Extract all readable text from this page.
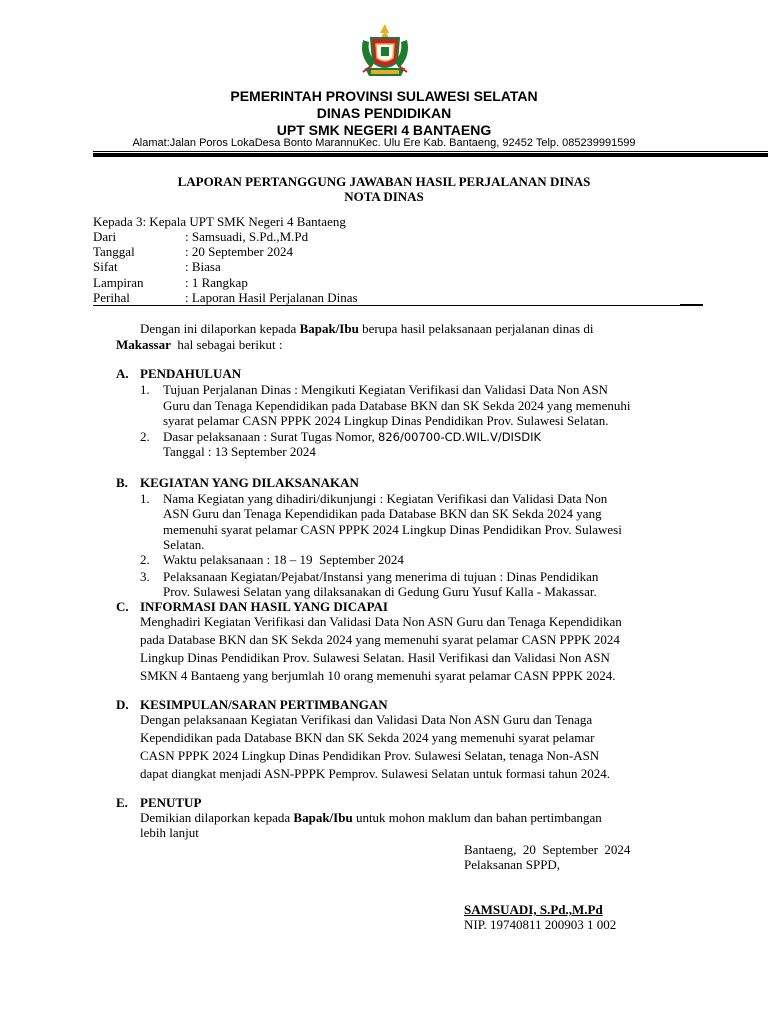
PEMERINTAH PROVINSI SULAWESI SELATAN
DINAS PENDIDIKAN
UPT SMK NEGERI 4 BANTAENG
Alamat:Jalan Poros LokaDesa Bonto MarannuKec. Ulu Ere Kab. Bantaeng, 92452 Telp. 085239991599
LAPORAN PERTANGGUNG JAWABAN HASIL PERJALANAN DINAS
NOTA DINAS
Kepada 3: Kepala UPT SMK Negeri 4 Bantaeng
Dari	: Samsuadi, S.Pd.,M.Pd
Tanggal	: 20 September 2024
Sifat	: Biasa
Lampiran	: 1 Rangkap
Perihal	: Laporan Hasil Perjalanan Dinas
Dengan ini dilaporkan kepada Bapak/Ibu berupa hasil pelaksanaan perjalanan dinas di
Makassar  hal sebagai berikut :
A. PENDAHULUAN
1. Tujuan Perjalanan Dinas : Mengikuti Kegiatan Verifikasi dan Validasi Data Non ASN
Guru dan Tenaga Kependidikan pada Database BKN dan SK Sekda 2024 yang memenuhi
syarat pelamar CASN PPPK 2024 Lingkup Dinas Pendidikan Prov. Sulawesi Selatan.
2. Dasar pelaksanaan : Surat Tugas Nomor, 826/00700-CD.WIL.V/DISDIK
Tanggal : 13 September 2024
B. KEGIATAN YANG DILAKSANAKAN
1. Nama Kegiatan yang dihadiri/dikunjungi : Kegiatan Verifikasi dan Validasi Data Non
ASN Guru dan Tenaga Kependidikan pada Database BKN dan SK Sekda 2024 yang
memenuhi syarat pelamar CASN PPPK 2024 Lingkup Dinas Pendidikan Prov. Sulawesi
Selatan.
2. Waktu pelaksanaan : 18 – 19  September 2024
3. Pelaksanaan Kegiatan/Pejabat/Instansi yang menerima di tujuan : Dinas Pendidikan
Prov. Sulawesi Selatan yang dilaksanakan di Gedung Guru Yusuf Kalla - Makassar.
C. INFORMASI DAN HASIL YANG DICAPAI
Menghadiri Kegiatan Verifikasi dan Validasi Data Non ASN Guru dan Tenaga Kependidikan
pada Database BKN dan SK Sekda 2024 yang memenuhi syarat pelamar CASN PPPK 2024
Lingkup Dinas Pendidikan Prov. Sulawesi Selatan. Hasil Verifikasi dan Validasi Non ASN
SMKN 4 Bantaeng yang berjumlah 10 orang memenuhi syarat pelamar CASN PPPK 2024.
D. KESIMPULAN/SARAN PERTIMBANGAN
Dengan pelaksanaan Kegiatan Verifikasi dan Validasi Data Non ASN Guru dan Tenaga
Kependidikan pada Database BKN dan SK Sekda 2024 yang memenuhi syarat pelamar
CASN PPPK 2024 Lingkup Dinas Pendidikan Prov. Sulawesi Selatan, tenaga Non-ASN
dapat diangkat menjadi ASN-PPPK Pemprov. Sulawesi Selatan untuk formasi tahun 2024.
E. PENUTUP
Demikian dilaporkan kepada Bapak/Ibu untuk mohon maklum dan bahan pertimbangan
lebih lanjut
Bantaeng,  20  September  2024
Pelaksanan SPPD,
SAMSUADI, S.Pd.,M.Pd
NIP. 19740811 200903 1 002
